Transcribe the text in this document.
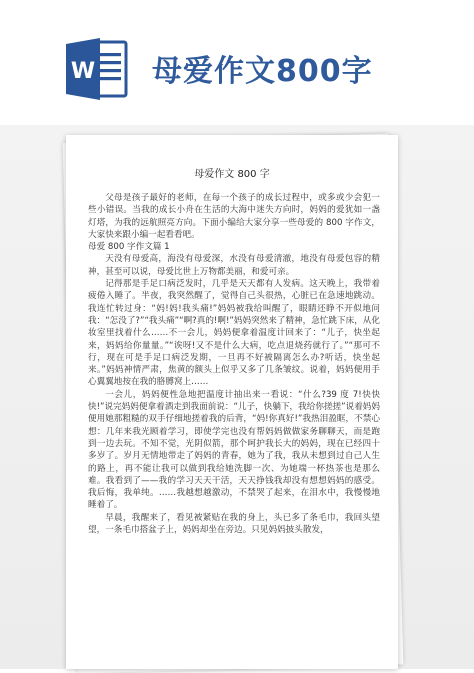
W 母爱作文800字
母爱作文 800 字

父母是孩子最好的老师，在每一个孩子的成长过程中，或多或少会犯一些小错误。当我的成长小舟在生活的大海中迷失方向时，妈妈的爱犹如一盏灯塔，为我的远航照亮方向。下面小编给大家分享一些母爱的 800 字作文，大家快来跟小编一起看看吧。

母爱 800 字作文篇 1

天没有母爱高，海没有母爱深，水没有母爱清澈，地没有母爱包容的精神，甚至可以说，母爱比世上万物都美丽，和爱可亲。

记得那是手足口病泛发时，几乎是天天都有人发病。这天晚上，我带着疲倦入睡了。半夜，我突然醒了，觉得自己头很热，心脏已在急速地跳动。我连忙转过身：“妈!妈!我头痛!”妈妈被我给叫醒了，眼睛还睁不开似地问我：“怎没了?”“我头痛”“啊?真的!啊!”妈妈突然来了精神，急忙跳下床，从化妆室里找着什么……不一会儿，妈妈便拿着温度计回来了：“儿子，快坐起来，妈妈给你量量。”“诶呀!又不是什么大病，吃点退烧药就行了。”“那可不行，现在可是手足口病泛发期，一旦再不好被隔离怎么办?听话，快坐起来。”妈妈神情严肃，焦黄的额头上似乎又多了几条皱纹。说着，妈妈便用手心翼翼地按在我的胳膊窝上……

一会儿，妈妈便性急地把温度计抽出来一看说：“什么?39 度 7!快快快!”说完妈妈便拿着酒走到我面前说：“儿子，快躺下，我给你搓搓”说着妈妈便用她那粗糙的双手仔细地搓着我的后背，“妈!你真好!”我热泪盈眶，不禁心想：几年来我光顾着学习，即使学完也没有帮妈妈做做家务聊聊天，而是跑到一边去玩。不知不觉，光阴似箭，那个呵护我长大的妈妈，现在已经四十多岁了。岁月无情地带走了妈妈的青春，她为了我，我从未想到过自己人生的路上，再不能让我可以做到我给她洗脚一次、为她端一杯热茶也是那么难。我看到了——我的学习天天干活，天天挣钱我却没有想想妈妈的感受。我后悔，我单纯。……我越想越激动，不禁哭了起来，在泪水中，我慢慢地睡着了。

早晨，我醒来了，看见被紧贴在我的身上，头已多了条毛巾，我回头望望，一条毛巾搭盆子上，妈妈却坐在旁边。只见妈妈披头散发，
